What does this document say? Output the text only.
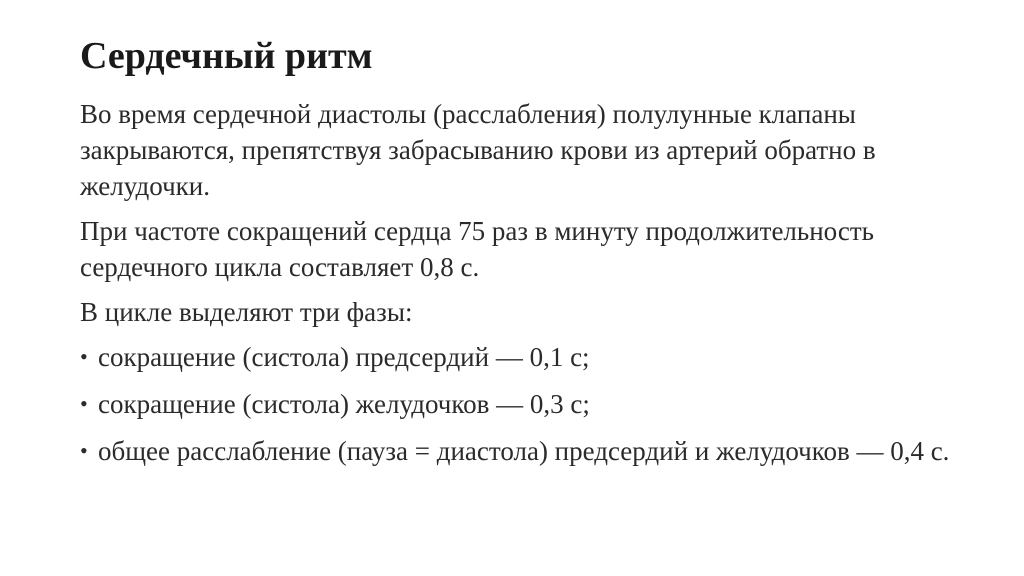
Сердечный ритм

Во время сердечной диастолы (расслабления) полулунные клапаны закрываются, препятствуя забрасыванию крови из артерий обратно в желудочки.

При частоте сокращений сердца 75 раз в минуту продолжительность сердечного цикла составляет 0,8 с.

В цикле выделяют три фазы:

• сокращение (систола) предсердий — 0,1 с;
• сокращение (систола) желудочков — 0,3 с;
• общее расслабление (пауза = диастола) предсердий и желудочков — 0,4 с.
